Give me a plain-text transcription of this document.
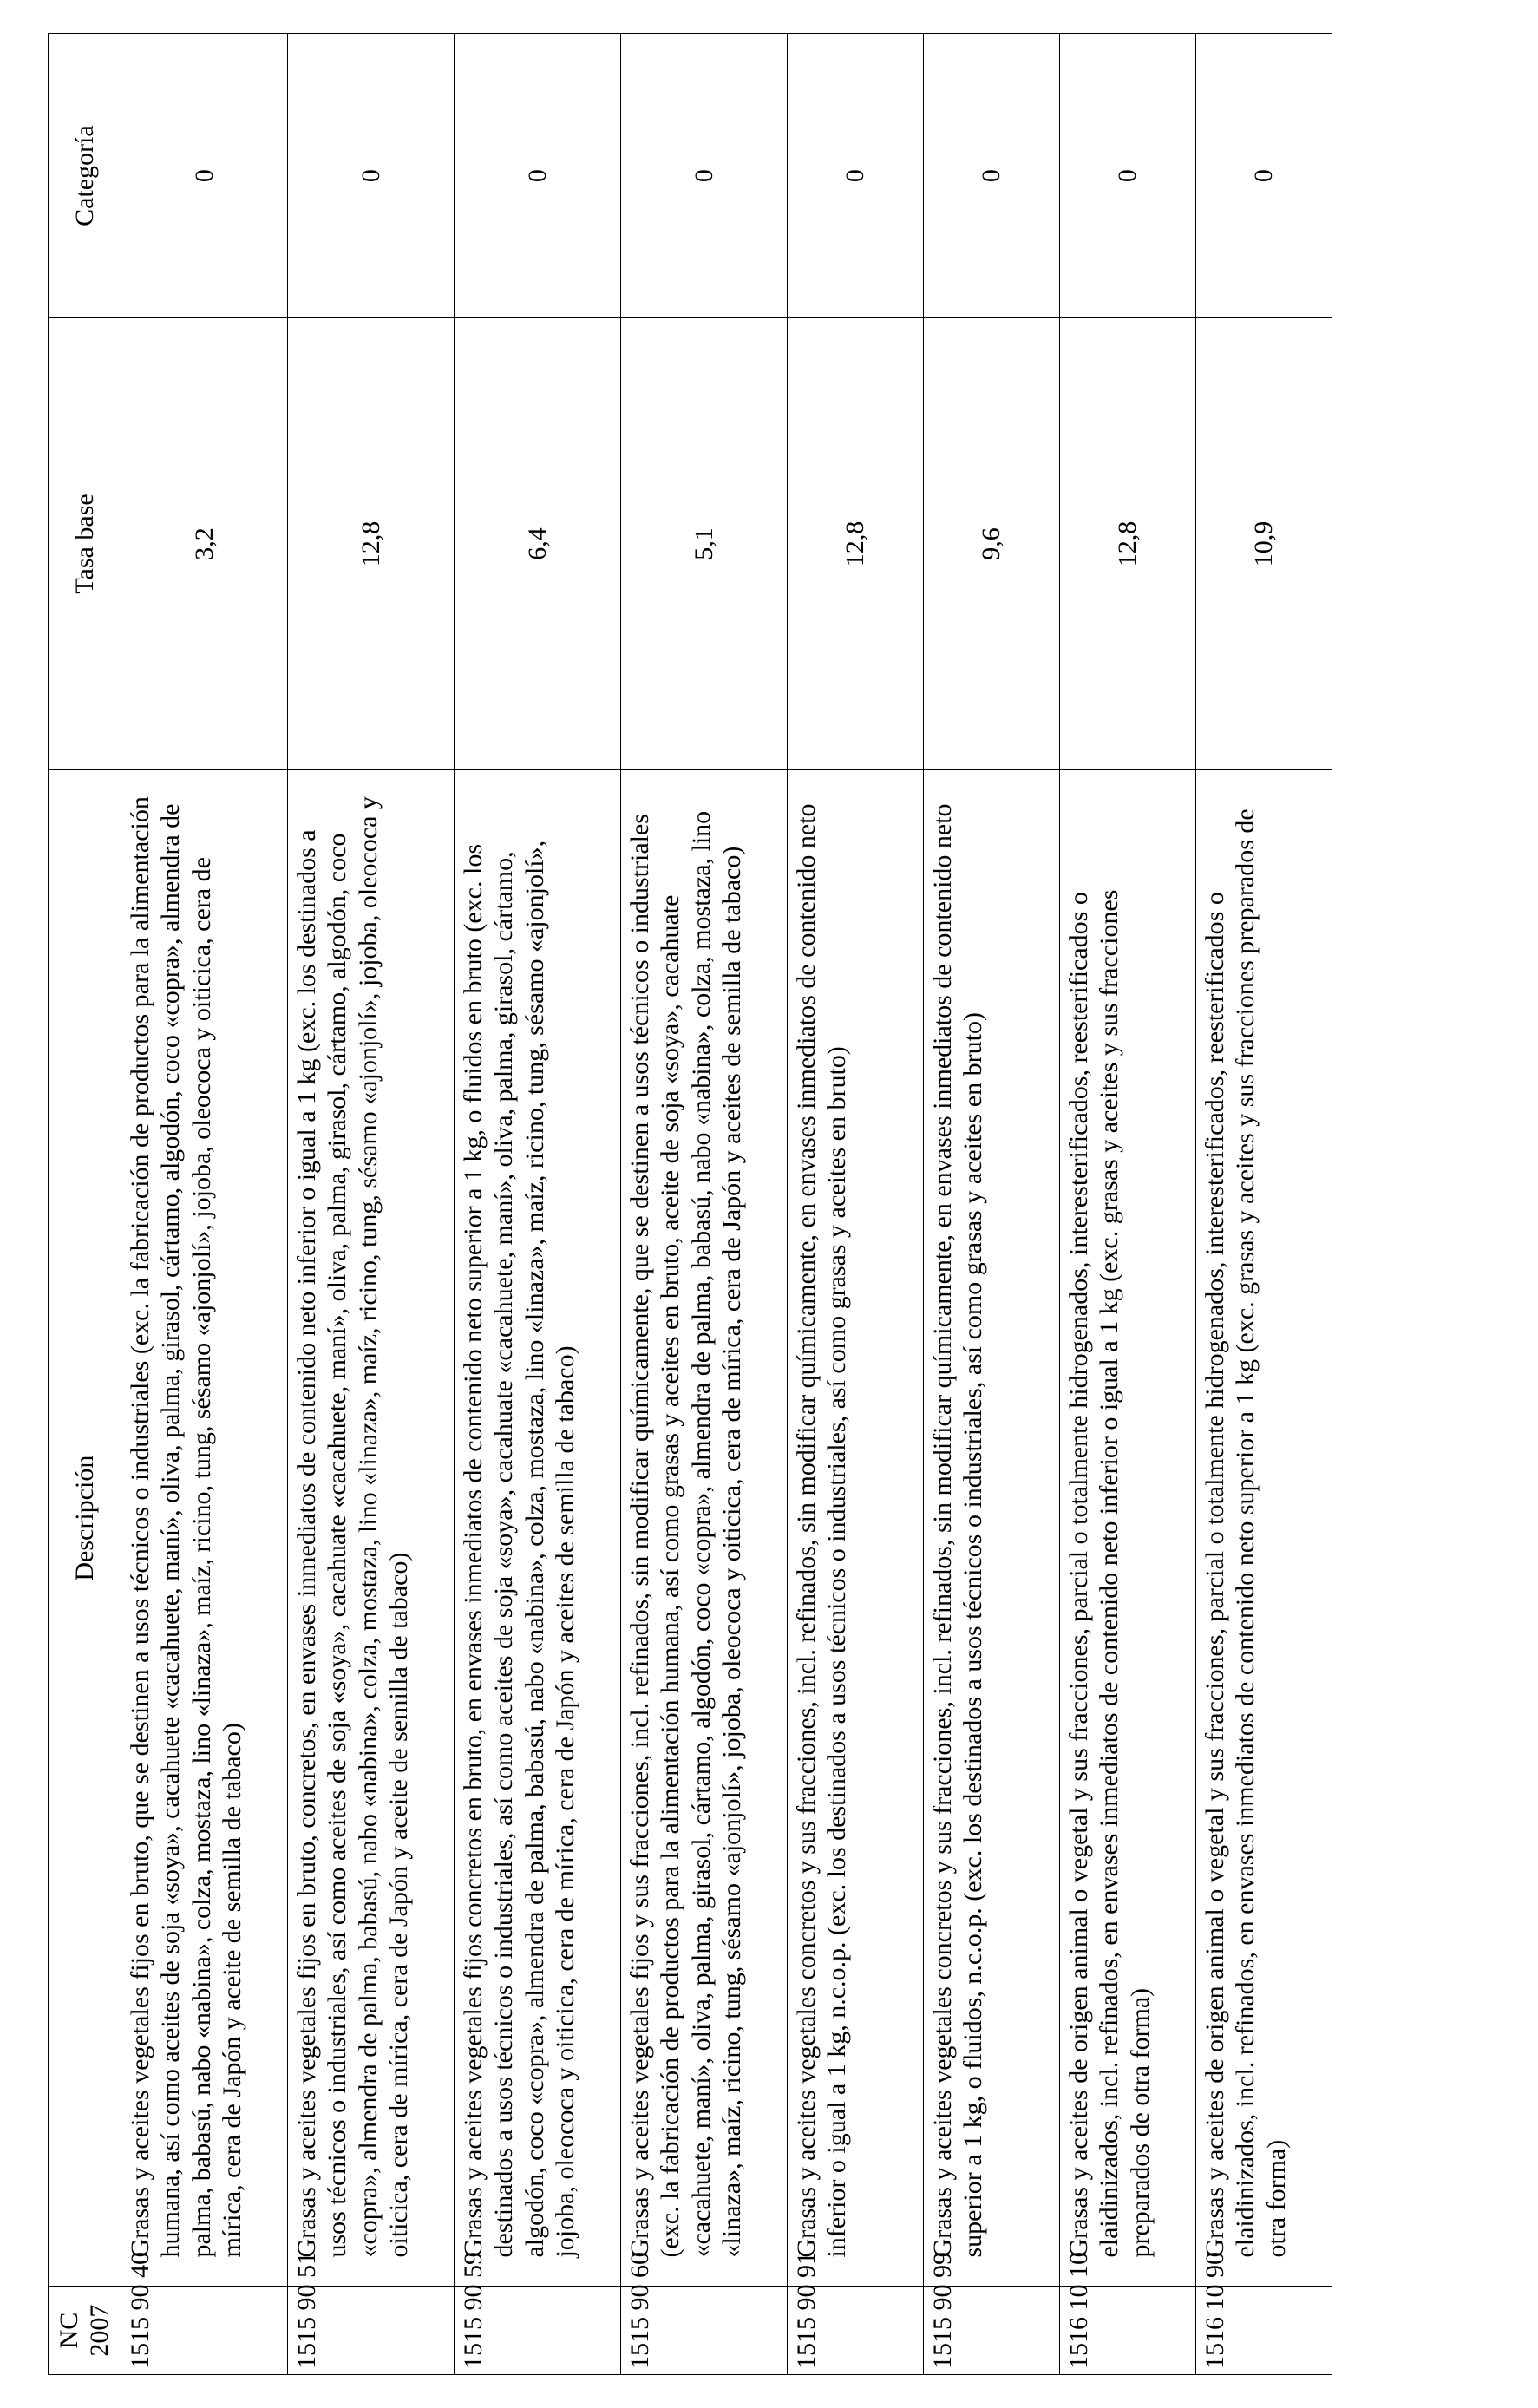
NC 2007		Descripción	Tasa base	Categoría
1515 90 40		Grasas y aceites vegetales fijos en bruto, que se destinen a usos técnicos o industriales (exc. la fabricación de productos para la alimentación humana, así como aceites de soja «soya», cacahuete «cacahuete, maní», oliva, palma, girasol, cártamo, algodón, coco «copra», almendra de palma, babasú, nabo «nabina», colza, mostaza, lino «linaza», maíz, ricino, tung, sésamo «ajonjolí», jojoba, oleococa y oiticica, cera de mírica, cera de Japón y aceite de semilla de tabaco)	3,2	0
1515 90 51		Grasas y aceites vegetales fijos en bruto, concretos, en envases inmediatos de contenido neto inferior o igual a 1 kg (exc. los destinados a usos técnicos o industriales, así como aceites de soja «soya», cacahuate «cacahuete, maní», oliva, palma, girasol, cártamo, algodón, coco «copra», almendra de palma, babasú, nabo «nabina», colza, mostaza, lino «linaza», maíz, ricino, tung, sésamo «ajonjolí», jojoba, oleococa y oiticica, cera de mírica, cera de Japón y aceite de semilla de tabaco)	12,8	0
1515 90 59		Grasas y aceites vegetales fijos concretos en bruto, en envases inmediatos de contenido neto superior a 1 kg, o fluidos en bruto (exc. los destinados a usos técnicos o industriales, así como aceites de soja «soya», cacahuate «cacahuete, maní», oliva, palma, girasol, cártamo, algodón, coco «copra», almendra de palma, babasú, nabo «nabina», colza, mostaza, lino «linaza», maíz, ricino, tung, sésamo «ajonjolí», jojoba, oleococa y oiticica, cera de mírica, cera de Japón y aceites de semilla de tabaco)	6,4	0
1515 90 60		Grasas y aceites vegetales fijos y sus fracciones, incl. refinados, sin modificar químicamente, que se destinen a usos técnicos o industriales (exc. la fabricación de productos para la alimentación humana, así como grasas y aceites en bruto, aceite de soja «soya», cacahuate «cacahuete, maní», oliva, palma, girasol, cártamo, algodón, coco «copra», almendra de palma, babasú, nabo «nabina», colza, mostaza, lino «linaza», maíz, ricino, tung, sésamo «ajonjolí», jojoba, oleococa y oiticica, cera de mírica, cera de Japón y aceites de semilla de tabaco)	5,1	0
1515 90 91		Grasas y aceites vegetales concretos y sus fracciones, incl. refinados, sin modificar químicamente, en envases inmediatos de contenido neto inferior o igual a 1 kg, n.c.o.p. (exc. los destinados a usos técnicos o industriales, así como grasas y aceites en bruto)	12,8	0
1515 90 99		Grasas y aceites vegetales concretos y sus fracciones, incl. refinados, sin modificar químicamente, en envases inmediatos de contenido neto superior a 1 kg, o fluidos, n.c.o.p. (exc. los destinados a usos técnicos o industriales, así como grasas y aceites en bruto)	9,6	0
1516 10 10		Grasas y aceites de origen animal o vegetal y sus fracciones, parcial o totalmente hidrogenados, interesterificados, reesterificados o elaidinizados, incl. refinados, en envases inmediatos de contenido neto inferior o igual a 1 kg (exc. grasas y aceites y sus fracciones preparados de otra forma)	12,8	0
1516 10 90		Grasas y aceites de origen animal o vegetal y sus fracciones, parcial o totalmente hidrogenados, interesterificados, reesterificados o elaidinizados, incl. refinados, en envases inmediatos de contenido neto superior a 1 kg (exc. grasas y aceites y sus fracciones preparados de otra forma)	10,9	0
